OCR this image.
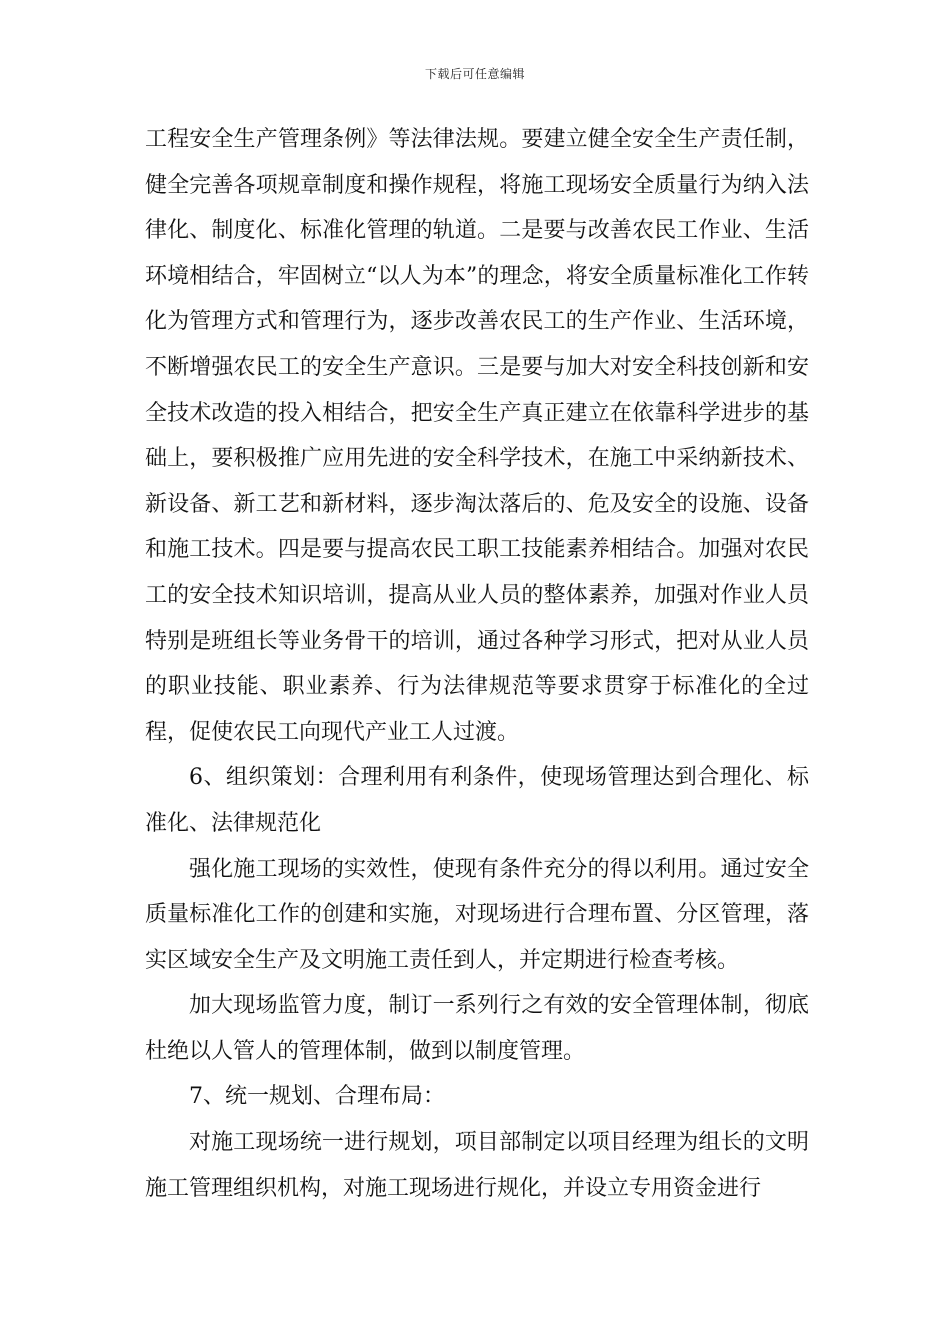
下载后可任意编辑

工程安全生产管理条例》等法律法规。要建立健全安全生产责任制，健全完善各项规章制度和操作规程，将施工现场安全质量行为纳入法律化、制度化、标准化管理的轨道。二是要与改善农民工作业、生活环境相结合，牢固树立“以人为本”的理念，将安全质量标准化工作转化为管理方式和管理行为，逐步改善农民工的生产作业、生活环境，不断增强农民工的安全生产意识。三是要与加大对安全科技创新和安全技术改造的投入相结合，把安全生产真正建立在依靠科学进步的基础上，要积极推广应用先进的安全科学技术，在施工中采纳新技术、新设备、新工艺和新材料，逐步淘汰落后的、危及安全的设施、设备和施工技术。四是要与提高农民工职工技能素养相结合。加强对农民工的安全技术知识培训，提高从业人员的整体素养，加强对作业人员特别是班组长等业务骨干的培训，通过各种学习形式，把对从业人员的职业技能、职业素养、行为法律规范等要求贯穿于标准化的全过程，促使农民工向现代产业工人过渡。

6、组织策划：合理利用有利条件，使现场管理达到合理化、标准化、法律规范化

强化施工现场的实效性，使现有条件充分的得以利用。通过安全质量标准化工作的创建和实施，对现场进行合理布置、分区管理，落实区域安全生产及文明施工责任到人，并定期进行检查考核。

加大现场监管力度，制订一系列行之有效的安全管理体制，彻底杜绝以人管人的管理体制，做到以制度管理。

7、统一规划、合理布局：

对施工现场统一进行规划，项目部制定以项目经理为组长的文明施工管理组织机构，对施工现场进行规化，并设立专用资金进行
